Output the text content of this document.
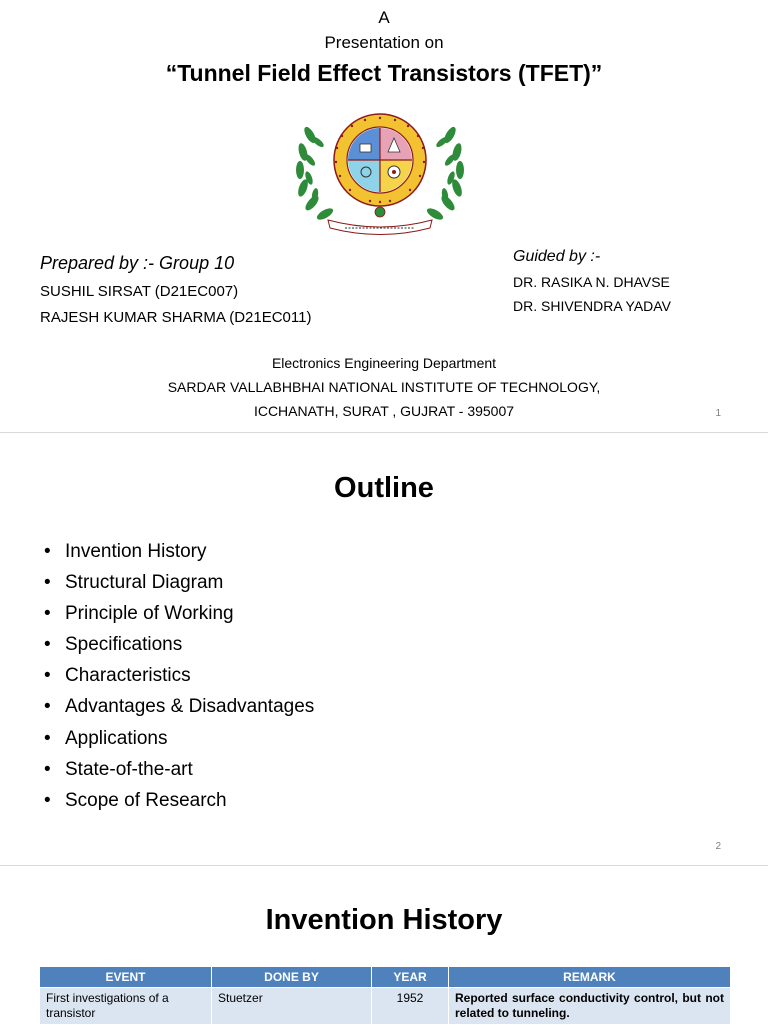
A
Presentation on
“Tunnel Field Effect Transistors (TFET)”
Prepared by :- Group 10
SUSHIL SIRSAT (D21EC007)
RAJESH KUMAR SHARMA (D21EC011)
Guided by :-
DR. RASIKA N. DHAVSE
DR. SHIVENDRA YADAV
Electronics Engineering Department
SARDAR VALLABHBHAI NATIONAL INSTITUTE OF TECHNOLOGY,
ICCHANATH, SURAT , GUJRAT - 395007	1
Outline
• Invention History
• Structural Diagram
• Principle of Working
• Specifications
• Characteristics
• Advantages & Disadvantages
• Applications
• State-of-the-art
• Scope of Research
2
Invention History
EVENT	DONE BY	YEAR	REMARK
First investigations of a transistor	Stuetzer	1952	Reported surface conductivity control, but not related to tunneling.
